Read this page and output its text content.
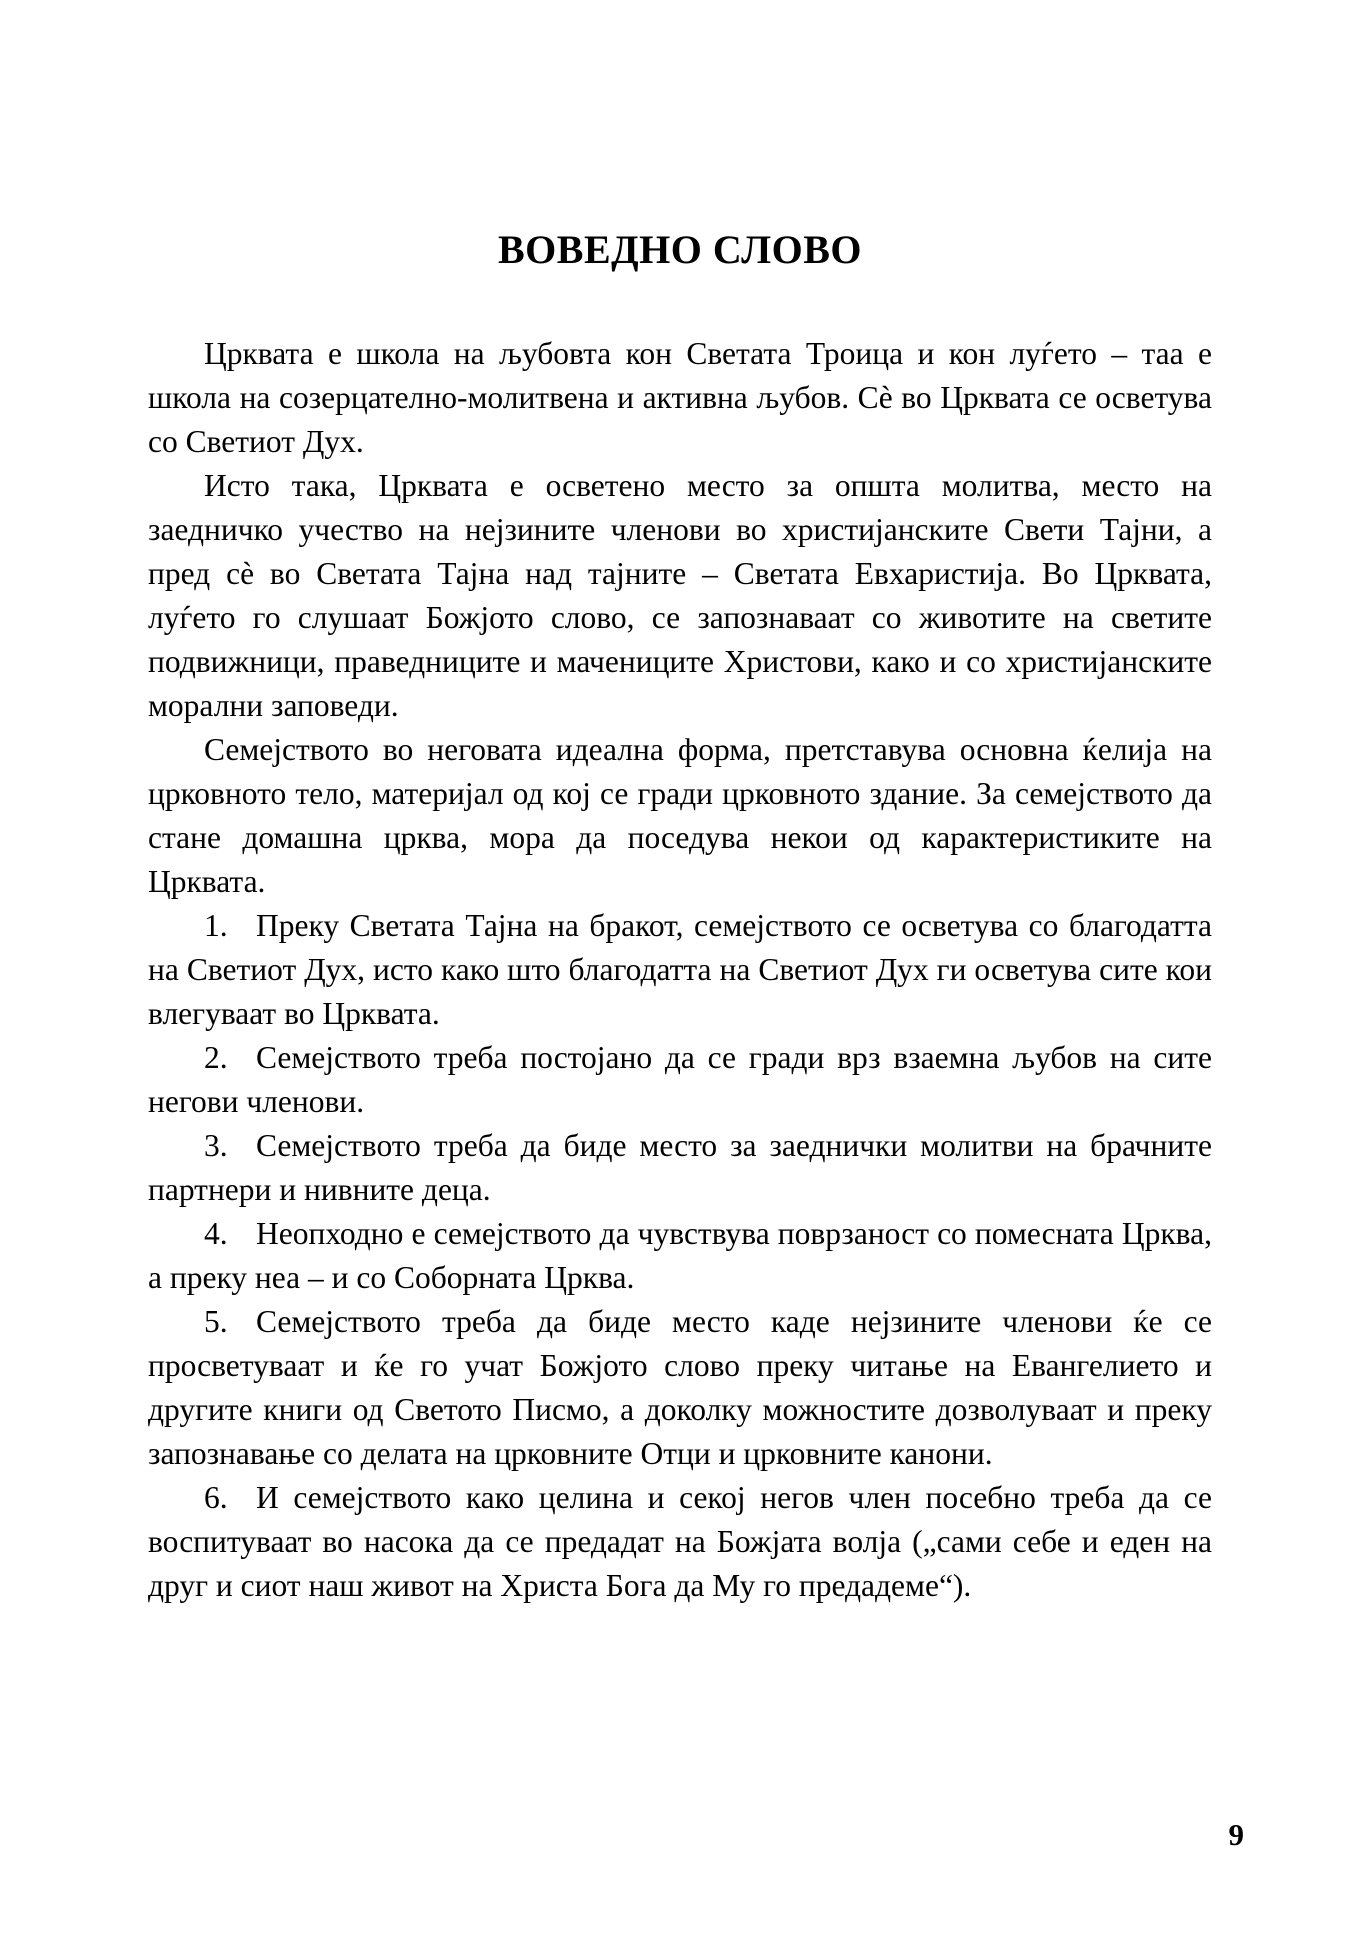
ВОВЕДНО СЛОВО

Црквата е школа на љубовта кон Светата Троица и кон луѓето – таа е школа на созерцателно-молитвена и активна љубов. Сѐ во Црквата се осветува со Светиот Дух.

Исто така, Црквата е осветено место за општа молитва, место на заедничко учество на нејзините членови во христијанските Свети Тајни, а пред сѐ во Светата Тајна над тајните – Светата Евхаристија. Во Црквата, луѓето го слушаат Божјото слово, се запознаваат со животите на светите подвижници, праведниците и мачениците Христови, како и со христијанските морални заповеди.

Семејството во неговата идеална форма, претставува основна ќелија на црковното тело, материјал од кој се гради црковното здание. За семејството да стане домашна црква, мора да поседува некои од карактеристиките на Црквата.

1. Преку Светата Тајна на бракот, семејството се осветува со благодатта на Светиот Дух, исто како што благодатта на Светиот Дух ги осветува сите кои влегуваат во Црквата.

2. Семејството треба постојано да се гради врз взаемна љубов на сите негови членови.

3. Семејството треба да биде место за заеднички молитви на брачните партнери и нивните деца.

4. Неопходно е семејството да чувствува поврзаност со помесната Црква, а преку неа – и со Соборната Црква.

5. Семејството треба да биде место каде нејзините членови ќе се просветуваат и ќе го учат Божјото слово преку читање на Евангелието и другите книги од Светото Писмо, а доколку можностите дозволуваат и преку запознавање со делата на црковните Отци и црковните канони.

6. И семејството како целина и секој негов член посебно треба да се воспитуваат во насока да се предадат на Божјата волја („сами себе и еден на друг и сиот наш живот на Христа Бога да Му го предадеме“).

9
